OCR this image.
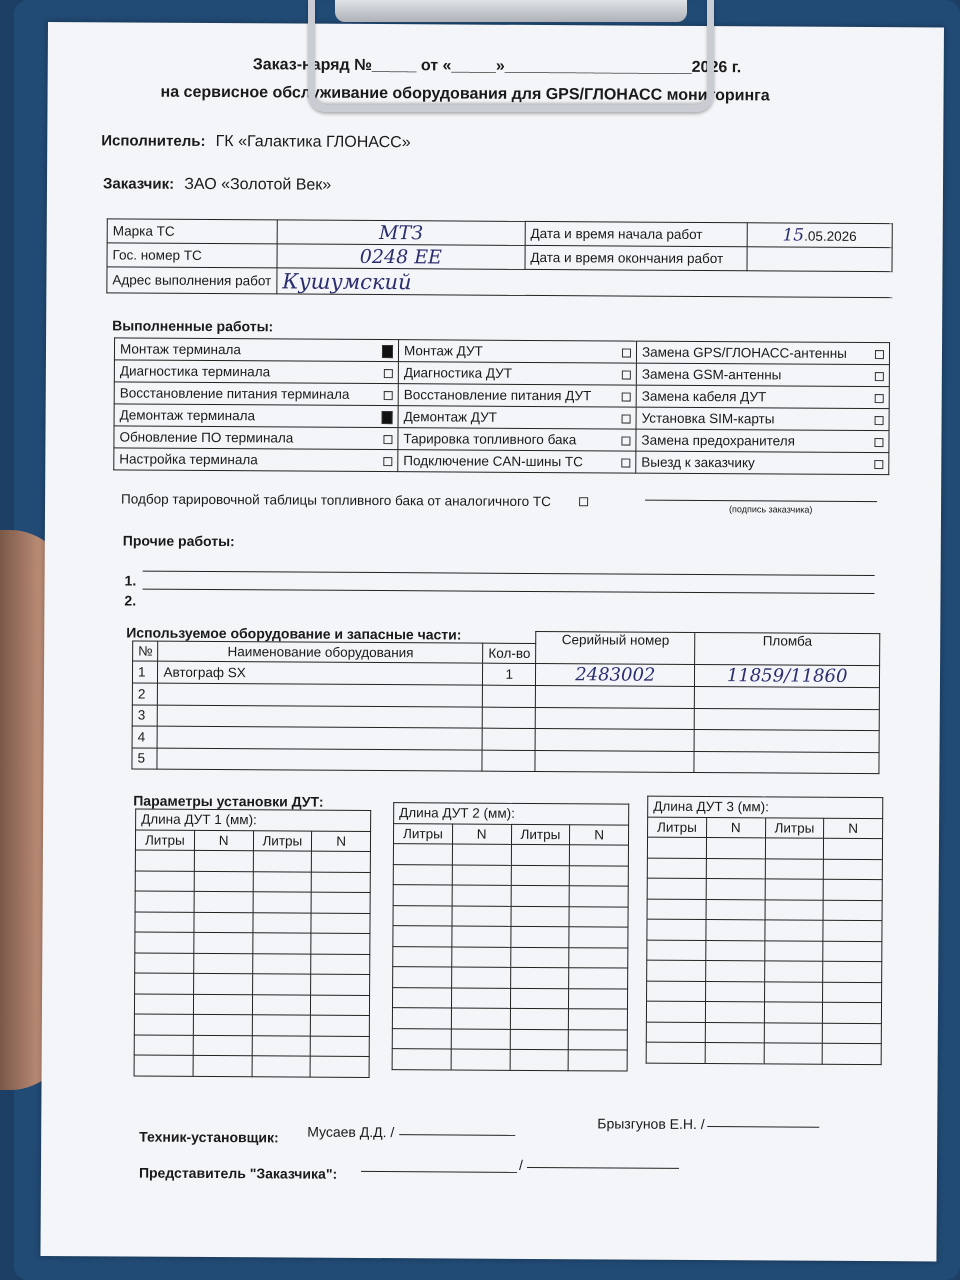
Заказ-наряд №_____ от «_____»_____________________2026 г.
на сервисное обслуживание оборудования для GPS/ГЛОНАСС мониторинга
Исполнитель: ГК «Галактика ГЛОНАСС»
Заказчик: ЗАО «Золотой Век»
Марка ТС	МТЗ	Дата и время начала работ	15.05.2026
Гос. номер ТС	0248 ЕЕ	Дата и время окончания работ	
Адрес выполнения работ	Кушумский		
Выполненные работы:
Монтаж терминала	Монтаж ДУТ	Замена GPS/ГЛОНАСС-антенны

Диагностика терминала	Диагностика ДУТ	Замена GSM-антенны

Восстановление питания терминала	Восстановление питания ДУТ	Замена кабеля ДУТ

Демонтаж терминала	Демонтаж ДУТ	Установка SIM-карты

Обновление ПО терминала	Тарировка топливного бака	Замена предохранителя

Настройка терминала	Подключение CAN-шины ТС	Выезд к заказчику
Подбор тарировочной таблицы топливного бака от аналогичного ТС
(подпись заказчика)
Прочие работы:
1.
2.
Используемое оборудование и запасные части:
			Серийный номер	Пломба
№	Наименование оборудования	Кол-во		
1	Автограф SX	1	2483002	11859/11860
2				
3				
4				
5				
Параметры установки ДУТ:
Длина ДУТ 1 (мм):			
Литры	N	Литры	N

Длина ДУТ 2 (мм):			
Литры	N	Литры	N

Длина ДУТ 3 (мм):			
Литры	N	Литры	N

Техник-установщик: Мусаев Д.Д. /	Брызгунов Е.Н. /
Представитель "Заказчика":	/
